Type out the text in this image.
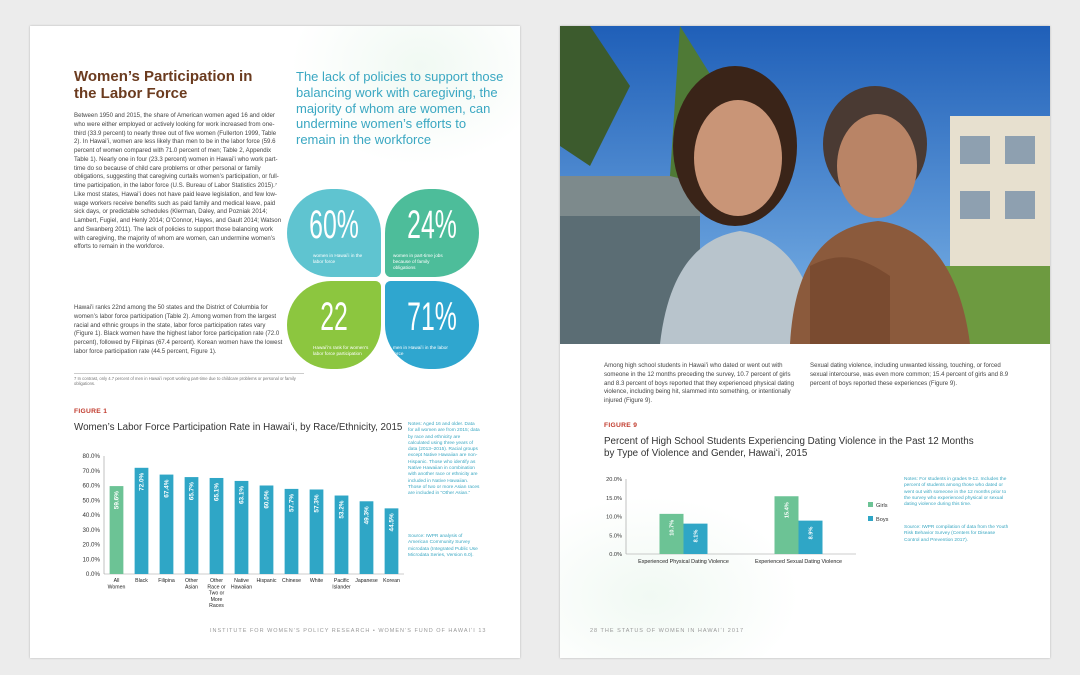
Women’s Participation in the Labor Force

Between 1950 and 2015, the share of American women aged 16 and older who were either employed or actively looking for work increased from one-third (33.9 percent) to nearly three out of five women (Fullerton 1999, Table 2). In Hawaiʻi, women are less likely than men to be in the labor force (59.6 percent of women compared with 71.0 percent of men; Table 2, Appendix Table 1). Nearly one in four (23.3 percent) women in Hawaiʻi who work part-time do so because of child care problems or other personal or family obligations, suggesting that caregiving curtails women’s participation, or full-time participation, in the labor force (U.S. Bureau of Labor Statistics 2015).⁷ Like most states, Hawaiʻi does not have paid leave legislation, and few low-wage workers receive benefits such as paid family and medical leave, paid sick days, or predictable schedules (Klerman, Daley, and Pozniak 2014; Lambert, Fugiel, and Henly 2014; O’Connor, Hayes, and Gault 2014; Watson and Swanberg 2011). The lack of policies to support those balancing work with caregiving, the majority of whom are women, can undermine women’s efforts to remain in the workforce.

Hawaiʻi ranks 22nd among the 50 states and the District of Columbia for women’s labor force participation (Table 2). Among women from the largest racial and ethnic groups in the state, labor force participation rates vary (Figure 1). Black women have the highest labor force participation rate (72.0 percent), followed by Filipinas (67.4 percent). Korean women have the lowest labor force participation rate (44.5 percent, Figure 1).

The lack of policies to support those balancing work with caregiving, the majority of whom are women, can undermine women’s efforts to remain in the workforce

60%
women in Hawaiʻi in the labor force
24%
women in part-time jobs because of family obligations
22
Hawaiʻi’s rank for women’s labor force participation
71%
men in Hawaiʻi in the labor force
7 In contrast, only 4.7 percent of men in Hawaiʻi report working part-time due to childcare problems or personal or family obligations.
FIGURE 1

Women’s Labor Force Participation Rate in Hawaiʻi, by Race/Ethnicity, 2015

0.0%
10.0%
20.0%
30.0%
40.0%
50.0%
60.0%
70.0%
80.0%
59.6%
All Women
72.0%
Black
67.4%
Filipina
65.7%
Other Asian
65.1%
Other Race or Two or More Races
63.1%
Native Hawaiian
60.0%
Hispanic
57.7%
Chinese
57.3%
White
53.2%
Pacific Islander
49.3%
Japanese
44.5%
Korean

Notes: Aged 16 and older. Data for all women are from 2015; data by race and ethnicity are calculated using three years of data (2013–2015). Racial groups except Native Hawaiian are non-Hispanic. Those who identify as Native Hawaiian in combination with another race or ethnicity are included in Native Hawaiian. Those of two or more Asian races are included in “Other Asian.”

Source: IWPR analysis of American Community Survey microdata (Integrated Public Use Microdata Series, Version 6.0).

INSTITUTE FOR WOMEN’S POLICY RESEARCH • WOMEN’S FUND OF HAWAIʻI 13

Among high school students in Hawaiʻi who dated or went out with someone in the 12 months preceding the survey, 10.7 percent of girls and 8.3 percent of boys reported that they experienced physical dating violence, including being hit, slammed into something, or intentionally injured (Figure 9).

Sexual dating violence, including unwanted kissing, touching, or forced sexual intercourse, was even more common; 15.4 percent of girls and 8.9 percent of boys reported these experiences (Figure 9).

FIGURE 9

Percent of High School Students Experiencing Dating Violence in the Past 12 Months by Type of Violence and Gender, Hawaiʻi, 2015

0.0%
5.0%
10.0%
15.0%
20.0%
10.7%
8.1%
Experienced Physical Dating Violence
15.4%
8.9%
Experienced Sexual Dating Violence
Girls
Boys

Notes: For students in grades 9-12. Includes the percent of students among those who dated or went out with someone in the 12 months prior to the survey who experienced physical or sexual dating violence during this time.

Source: IWPR compilation of data from the Youth Risk Behavior Survey (Centers for Disease Control and Prevention 2017).

28 THE STATUS OF WOMEN IN HAWAIʻI 2017
